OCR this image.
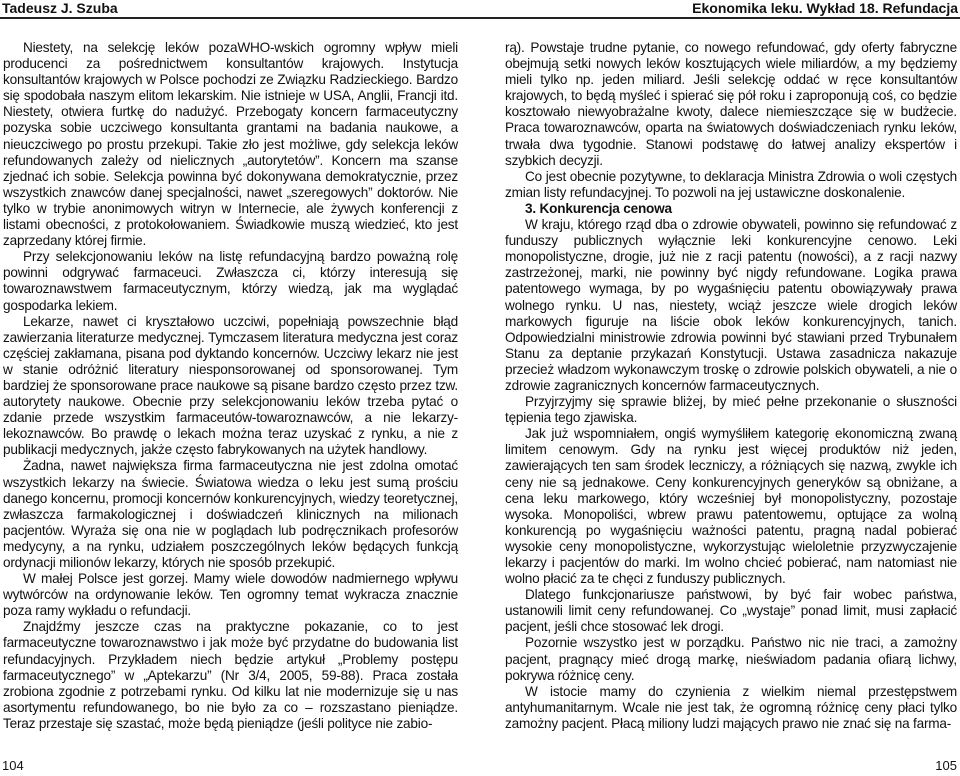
Tadeusz J. Szuba	Ekonomika leku. Wykład 18. Refundacja

Niestety, na selekcję leków pozaWHO-wskich ogromny wpływ mieli producenci za pośrednictwem konsultantów krajowych. Instytucja konsultantów krajowych w Polsce pochodzi ze Związku Radzieckiego. Bardzo się spodobała naszym elitom lekarskim. Nie istnieje w USA, Anglii, Francji itd. Niestety, otwiera furtkę do nadużyć. Przebogaty koncern farmaceutyczny pozyska sobie uczciwego konsultanta grantami na badania naukowe, a nieuczciwego po prostu przekupi. Takie zło jest możliwe, gdy selekcja leków refundowanych zależy od nielicznych „autorytetów”. Koncern ma szanse zjednać ich sobie. Selekcja powinna być dokonywana demokratycznie, przez wszystkich znawców danej specjalności, nawet „szeregowych” doktorów. Nie tylko w trybie anonimowych witryn w Internecie, ale żywych konferencji z listami obecności, z protokołowaniem. Świadkowie muszą wiedzieć, kto jest zaprzedany której firmie.

Przy selekcjonowaniu leków na listę refundacyjną bardzo poważną rolę powinni odgrywać farmaceuci. Zwłaszcza ci, którzy interesują się towaroznawstwem farmaceutycznym, którzy wiedzą, jak ma wyglądać gospodarka lekiem.

Lekarze, nawet ci kryształowo uczciwi, popełniają powszechnie błąd zawierzania literaturze medycznej. Tymczasem literatura medyczna jest coraz częściej zakłamana, pisana pod dyktando koncernów. Uczciwy lekarz nie jest w stanie odróżnić literatury niesponsorowanej od sponsorowanej. Tym bardziej że sponsorowane prace naukowe są pisane bardzo często przez tzw. autorytety naukowe. Obecnie przy selekcjonowaniu leków trzeba pytać o zdanie przede wszystkim farmaceutów-towaroznawców, a nie lekarzy-lekoznawców. Bo prawdę o lekach można teraz uzyskać z rynku, a nie z publikacji medycznych, jakże często fabrykowanych na użytek handlowy.

Żadna, nawet największa firma farmaceutyczna nie jest zdolna omotać wszystkich lekarzy na świecie. Światowa wiedza o leku jest sumą prościu danego koncernu, promocji koncernów konkurencyjnych, wiedzy teoretycznej, zwłaszcza farmakologicznej i doświadczeń klinicznych na milionach pacjentów. Wyraża się ona nie w poglądach lub podręcznikach profesorów medycyny, a na rynku, udziałem poszczególnych leków będących funkcją ordynacji milionów lekarzy, których nie sposób przekupić.

W małej Polsce jest gorzej. Mamy wiele dowodów nadmiernego wpływu wytwórców na ordynowanie leków. Ten ogromny temat wykracza znacznie poza ramy wykładu o refundacji.

Znajdźmy jeszcze czas na praktyczne pokazanie, co to jest farmaceutyczne towaroznawstwo i jak może być przydatne do budowania list refundacyjnych. Przykładem niech będzie artykuł „Problemy postępu farmaceutycznego” w „Aptekarzu” (Nr 3/4, 2005, 59-88). Praca została zrobiona zgodnie z potrzebami rynku. Od kilku lat nie modernizuje się u nas asortymentu refundowanego, bo nie było za co – rozszastano pieniądze. Teraz przestaje się szastać, może będą pieniądze (jeśli polityce nie zabio-

rą). Powstaje trudne pytanie, co nowego refundować, gdy oferty fabryczne obejmują setki nowych leków kosztujących wiele miliardów, a my będziemy mieli tylko np. jeden miliard. Jeśli selekcję oddać w ręce konsultantów krajowych, to będą myśleć i spierać się pół roku i zaproponują coś, co będzie kosztowało niewyobrażalne kwoty, dalece niemieszczące się w budżecie. Praca towaroznawców, oparta na światowych doświadczeniach rynku leków, trwała dwa tygodnie. Stanowi podstawę do łatwej analizy ekspertów i szybkich decyzji.

Co jest obecnie pozytywne, to deklaracja Ministra Zdrowia o woli częstych zmian listy refundacyjnej. To pozwoli na jej ustawiczne doskonalenie.

3. Konkurencja cenowa

W kraju, którego rząd dba o zdrowie obywateli, powinno się refundować z funduszy publicznych wyłącznie leki konkurencyjne cenowo. Leki monopolistyczne, drogie, już nie z racji patentu (nowości), a z racji nazwy zastrzeżonej, marki, nie powinny być nigdy refundowane. Logika prawa patentowego wymaga, by po wygaśnięciu patentu obowiązywały prawa wolnego rynku. U nas, niestety, wciąż jeszcze wiele drogich leków markowych figuruje na liście obok leków konkurencyjnych, tanich. Odpowiedzialni ministrowie zdrowia powinni być stawiani przed Trybunałem Stanu za deptanie przykazań Konstytucji. Ustawa zasadnicza nakazuje przecież władzom wykonawczym troskę o zdrowie polskich obywateli, a nie o zdrowie zagranicznych koncernów farmaceutycznych.

Przyjrzyjmy się sprawie bliżej, by mieć pełne przekonanie o słuszności tępienia tego zjawiska.

Jak już wspomniałem, ongiś wymyśliłem kategorię ekonomiczną zwaną limitem cenowym. Gdy na rynku jest więcej produktów niż jeden, zawierających ten sam środek leczniczy, a różniących się nazwą, zwykle ich ceny nie są jednakowe. Ceny konkurencyjnych generyków są obniżane, a cena leku markowego, który wcześniej był monopolistyczny, pozostaje wysoka. Monopoliści, wbrew prawu patentowemu, optujące za wolną konkurencją po wygaśnięciu ważności patentu, pragną nadal pobierać wysokie ceny monopolistyczne, wykorzystując wieloletnie przyzwyczajenie lekarzy i pacjentów do marki. Im wolno chcieć pobierać, nam natomiast nie wolno płacić za te chęci z funduszy publicznych.

Dlatego funkcjonariusze państwowi, by być fair wobec państwa, ustanowili limit ceny refundowanej. Co „wystaje” ponad limit, musi zapłacić pacjent, jeśli chce stosować lek drogi.

Pozornie wszystko jest w porządku. Państwo nic nie traci, a zamożny pacjent, pragnący mieć drogą markę, nieświadom padania ofiarą lichwy, pokrywa różnicę ceny.

W istocie mamy do czynienia z wielkim niemal przestępstwem antyhumanitarnym. Wcale nie jest tak, że ogromną różnicę ceny płaci tylko zamożny pacjent. Płacą miliony ludzi mających prawo nie znać się na farma-

104	105
